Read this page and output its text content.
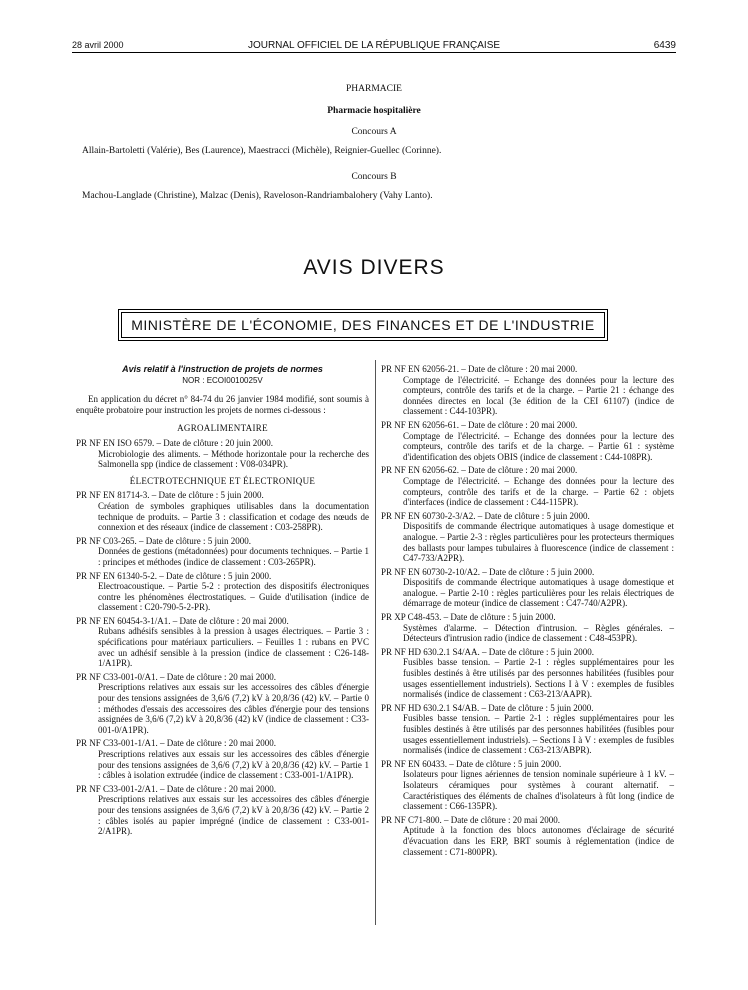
28 avril 2000	JOURNAL OFFICIEL DE LA RÉPUBLIQUE FRANÇAISE	6439
PHARMACIE
Pharmacie hospitalière
Concours A
Allain-Bartoletti (Valérie), Bes (Laurence), Maestracci (Michèle), Reignier-Guellec (Corinne).
Concours B
Machou-Langlade (Christine), Malzac (Denis), Raveloson-Randriambalohery (Vahy Lanto).
AVIS DIVERS
MINISTÈRE DE L'ÉCONOMIE, DES FINANCES ET DE L'INDUSTRIE
Avis relatif à l'instruction de projets de normes
NOR : ECOI0010025V

En application du décret n° 84-74 du 26 janvier 1984 modifié, sont soumis à enquête probatoire pour instruction les projets de normes ci-dessous :

AGROALIMENTAIRE
PR NF EN ISO 6579. – Date de clôture : 20 juin 2000.
Microbiologie des aliments. – Méthode horizontale pour la recherche des Salmonella spp (indice de classement : V08-034PR).
ÉLECTROTECHNIQUE ET ÉLECTRONIQUE
PR NF EN 81714-3. – Date de clôture : 5 juin 2000.
Création de symboles graphiques utilisables dans la documentation technique de produits. – Partie 3 : classification et codage des nœuds de connexion et des réseaux (indice de classement : C03-258PR).
PR NF C03-265. – Date de clôture : 5 juin 2000.
Données de gestions (métadonnées) pour documents techniques. – Partie 1 : principes et méthodes (indice de classement : C03-265PR).
PR NF EN 61340-5-2. – Date de clôture : 5 juin 2000.
Electroacoustique. – Partie 5-2 : protection des dispositifs électroniques contre les phénomènes électrostatiques. – Guide d'utilisation (indice de classement : C20-790-5-2-PR).
PR NF EN 60454-3-1/A1. – Date de clôture : 20 mai 2000.
Rubans adhésifs sensibles à la pression à usages électriques. – Partie 3 : spécifications pour matériaux particuliers. – Feuilles 1 : rubans en PVC avec un adhésif sensible à la pression (indice de classement : C26-148-1/A1PR).
PR NF C33-001-0/A1. – Date de clôture : 20 mai 2000.
Prescriptions relatives aux essais sur les accessoires des câbles d'énergie pour des tensions assignées de 3,6/6 (7,2) kV à 20,8/36 (42) kV. – Partie 0 : méthodes d'essais des accessoires des câbles d'énergie pour des tensions assignées de 3,6/6 (7,2) kV à 20,8/36 (42) kV (indice de classement : C33-001-0/A1PR).
PR NF C33-001-1/A1. – Date de clôture : 20 mai 2000.
Prescriptions relatives aux essais sur les accessoires des câbles d'énergie pour des tensions assignées de 3,6/6 (7,2) kV à 20,8/36 (42) kV. – Partie 1 : câbles à isolation extrudée (indice de classement : C33-001-1/A1PR).
PR NF C33-001-2/A1. – Date de clôture : 20 mai 2000.
Prescriptions relatives aux essais sur les accessoires des câbles d'énergie pour des tensions assignées de 3,6/6 (7,2) kV à 20,8/36 (42) kV. – Partie 2 : câbles isolés au papier imprégné (indice de classement : C33-001-2/A1PR).
PR NF EN 62056-21. – Date de clôture : 20 mai 2000.
Comptage de l'électricité. – Echange des données pour la lecture des compteurs, contrôle des tarifs et de la charge. – Partie 21 : échange des données directes en local (3e édition de la CEI 61107) (indice de classement : C44-103PR).
PR NF EN 62056-61. – Date de clôture : 20 mai 2000.
Comptage de l'électricité. – Echange des données pour la lecture des compteurs, contrôle des tarifs et de la charge. – Partie 61 : système d'identification des objets OBIS (indice de classement : C44-108PR).
PR NF EN 62056-62. – Date de clôture : 20 mai 2000.
Comptage de l'électricité. – Echange des données pour la lecture des compteurs, contrôle des tarifs et de la charge. – Partie 62 : objets d'interfaces (indice de classement : C44-115PR).
PR NF EN 60730-2-3/A2. – Date de clôture : 5 juin 2000.
Dispositifs de commande électrique automatiques à usage domestique et analogue. – Partie 2-3 : règles particulières pour les protecteurs thermiques des ballasts pour lampes tubulaires à fluorescence (indice de classement : C47-733/A2PR).
PR NF EN 60730-2-10/A2. – Date de clôture : 5 juin 2000.
Dispositifs de commande électrique automatiques à usage domestique et analogue. – Partie 2-10 : règles particulières pour les relais électriques de démarrage de moteur (indice de classement : C47-740/A2PR).
PR XP C48-453. – Date de clôture : 5 juin 2000.
Systèmes d'alarme. – Détection d'intrusion. – Règles générales. – Détecteurs d'intrusion radio (indice de classement : C48-453PR).
PR NF HD 630.2.1 S4/AA. – Date de clôture : 5 juin 2000.
Fusibles basse tension. – Partie 2-1 : règles supplémentaires pour les fusibles destinés à être utilisés par des personnes habilitées (fusibles pour usages essentiellement industriels). Sections I à V : exemples de fusibles normalisés (indice de classement : C63-213/AAPR).
PR NF HD 630.2.1 S4/AB. – Date de clôture : 5 juin 2000.
Fusibles basse tension. – Partie 2-1 : règles supplémentaires pour les fusibles destinés à être utilisés par des personnes habilitées (fusibles pour usages essentiellement industriels). – Sections I à V : exemples de fusibles normalisés (indice de classement : C63-213/ABPR).
PR NF EN 60433. – Date de clôture : 5 juin 2000.
Isolateurs pour lignes aériennes de tension nominale supérieure à 1 kV. – Isolateurs céramiques pour systèmes à courant alternatif. – Caractéristiques des éléments de chaînes d'isolateurs à fût long (indice de classement : C66-135PR).
PR NF C71-800. – Date de clôture : 20 mai 2000.
Aptitude à la fonction des blocs autonomes d'éclairage de sécurité d'évacuation dans les ERP, BRT soumis à réglementation (indice de classement : C71-800PR).
